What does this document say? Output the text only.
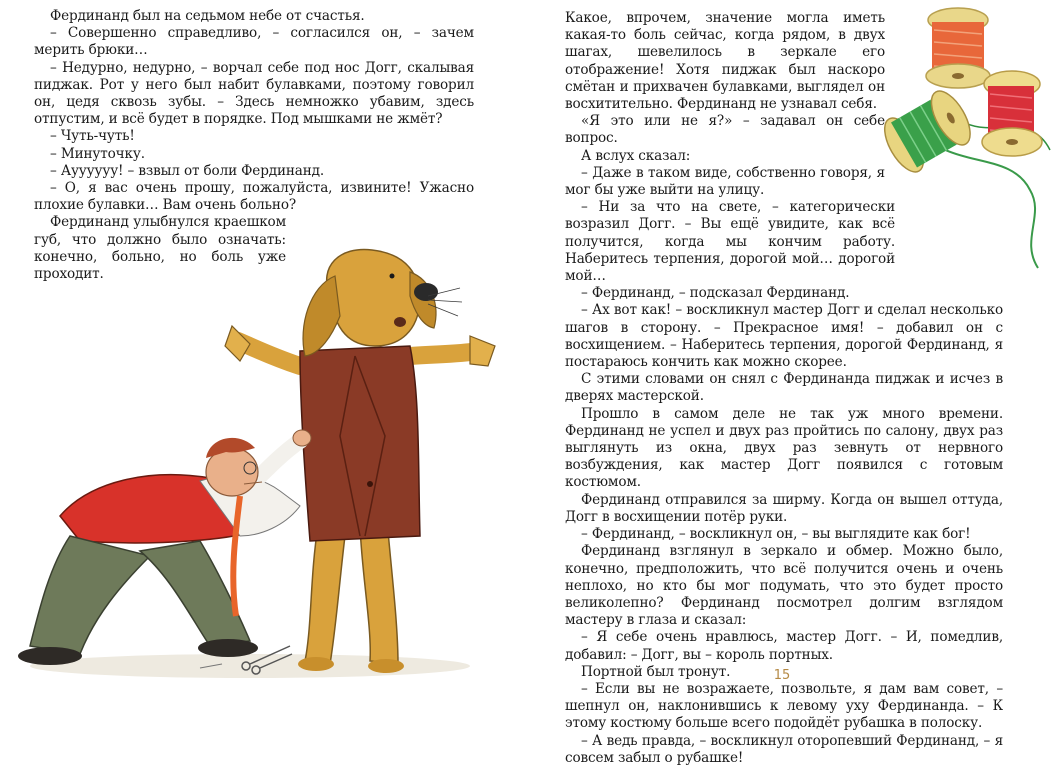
Фердинанд был на седьмом небе от счастья.

– Совершенно справедливо, – согласился он, – зачем мерить брюки…

– Недурно, недурно, – ворчал себе под нос Догг, скалывая пиджак. Рот у него был набит булавками, поэтому говорил он, цедя сквозь зубы. – Здесь немножко убавим, здесь отпустим, и всё будет в порядке. Под мышками не жмёт?

– Чуть-чуть!

– Минуточку.

– Ауууууу! – взвыл от боли Фердинанд.

– О, я вас очень прошу, пожалуйста, извините! Ужасно плохие булавки… Вам очень больно?

Фердинанд улыбнулся краешком губ, что должно было означать: конечно, больно, но боль уже проходит.

Какое, впрочем, значение могла иметь какая-то боль сейчас, когда рядом, в двух шагах, шевелилось в зеркале его отображение! Хотя пиджак был наскоро смётан и прихвачен булавками, выглядел он восхитительно. Фердинанд не узнавал себя.

«Я это или не я?» – задавал он себе вопрос.

А вслух сказал:

– Даже в таком виде, собственно говоря, я мог бы уже выйти на улицу.

– Ни за что на свете, – категорически возразил Догг. – Вы ещё увидите, как всё получится, когда мы кончим работу. Наберитесь терпения, дорогой мой… дорогой мой…

– Фердинанд, – подсказал Фердинанд.

– Ах вот как! – воскликнул мастер Догг и сделал несколько шагов в сторону. – Прекрасное имя! – добавил он с восхищением. – Наберитесь терпения, дорогой Фердинанд, я постараюсь кончить как можно скорее.

С этими словами он снял с Фердинанда пиджак и исчез в дверях мастерской.

Прошло в самом деле не так уж много времени. Фердинанд не успел и двух раз пройтись по салону, двух раз выглянуть из окна, двух раз зевнуть от нервного возбуждения, как мастер Догг появился с готовым костюмом.

Фердинанд отправился за ширму. Когда он вышел оттуда, Догг в восхищении потёр руки.

– Фердинанд, – воскликнул он, – вы выглядите как бог!

Фердинанд взглянул в зеркало и обмер. Можно было, конечно, предположить, что всё получится очень и очень неплохо, но кто бы мог подумать, что это будет просто великолепно? Фердинанд посмотрел долгим взглядом мастеру в глаза и сказал:

– Я себе очень нравлюсь, мастер Догг. – И, помедлив, добавил: – Догг, вы – король портных.

Портной был тронут.

– Если вы не возражаете, позвольте, я дам вам совет, – шепнул он, наклонившись к левому уху Фердинанда. – К этому костюму больше всего подойдёт рубашка в полоску.

– А ведь правда, – воскликнул оторопевший Фердинанд, – я совсем забыл о рубашке!

15
